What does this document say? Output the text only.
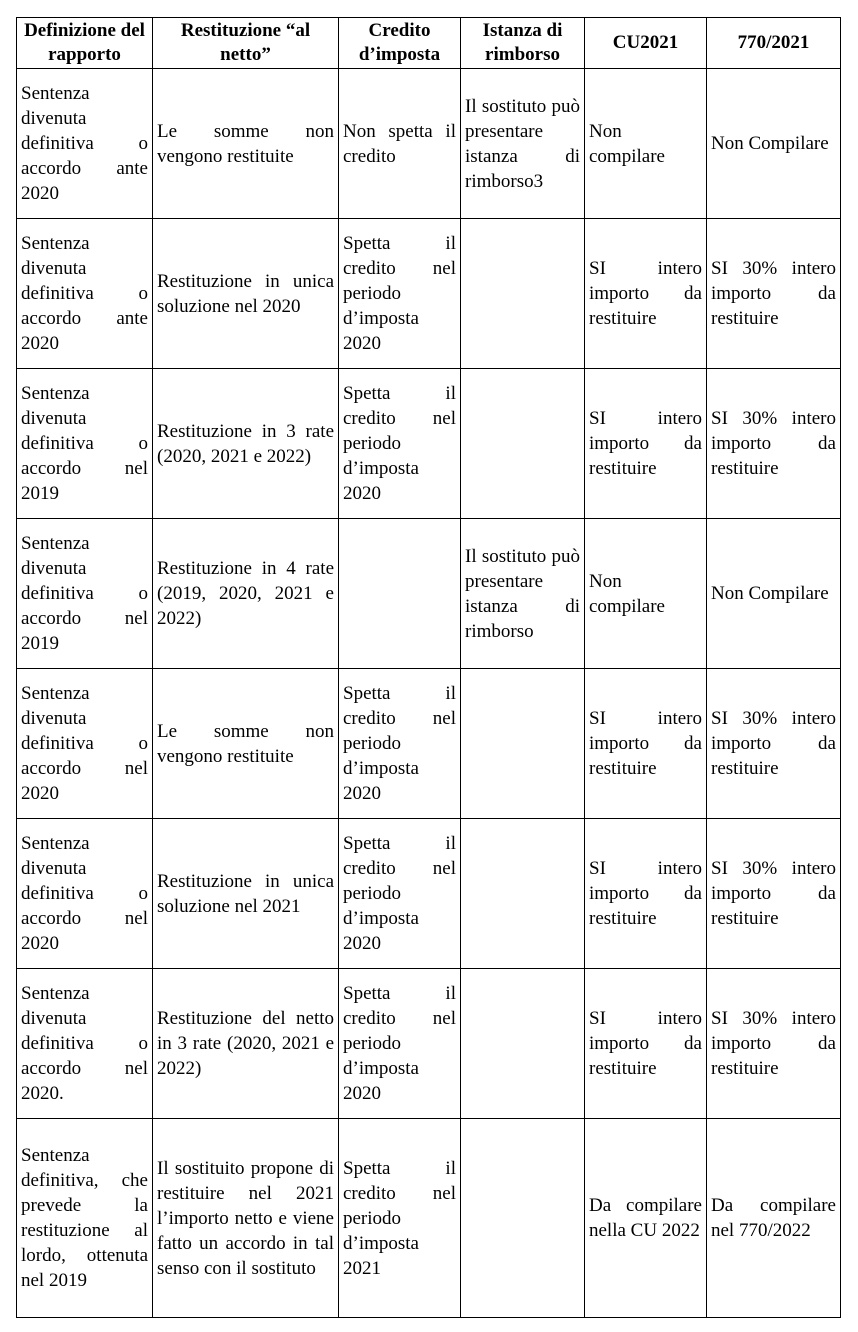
Definizione del rapporto	Restituzione “al netto”	Credito d’imposta	Istanza di rimborso	CU2021	770/2021
Sentenza divenuta definitiva o accordo ante 2020	Le somme non vengono restituite	Non spetta il credito	Il sostituto può presentare istanza di rimborso3	Non compilare	Non Compilare
Sentenza divenuta definitiva o accordo ante 2020	Restituzione in unica soluzione nel 2020	Spetta il credito nel periodo d’imposta 2020		SI intero importo da restituire	SI 30% intero importo da restituire
Sentenza divenuta definitiva o accordo nel 2019	Restituzione in 3 rate (2020, 2021 e 2022)	Spetta il credito nel periodo d’imposta 2020		SI intero importo da restituire	SI 30% intero importo da restituire
Sentenza divenuta definitiva o accordo nel 2019	Restituzione in 4 rate (2019, 2020, 2021 e 2022)		Il sostituto può presentare istanza di rimborso	Non compilare	Non Compilare
Sentenza divenuta definitiva o accordo nel 2020	Le somme non vengono restituite	Spetta il credito nel periodo d’imposta 2020		SI intero importo da restituire	SI 30% intero importo da restituire
Sentenza divenuta definitiva o accordo nel 2020	Restituzione in unica soluzione nel 2021	Spetta il credito nel periodo d’imposta 2020		SI intero importo da restituire	SI 30% intero importo da restituire
Sentenza divenuta definitiva o accordo nel 2020.	Restituzione del netto in 3 rate (2020, 2021 e 2022)	Spetta il credito nel periodo d’imposta 2020		SI intero importo da restituire	SI 30% intero importo da restituire
Sentenza definitiva, che prevede la restituzione al lordo, ottenuta nel 2019	Il sostituito propone di restituire nel 2021 l’importo netto e viene fatto un accordo in tal senso con il sostituto	Spetta il credito nel periodo d’imposta 2021		Da compilare nella CU 2022	Da compilare nel 770/2022
